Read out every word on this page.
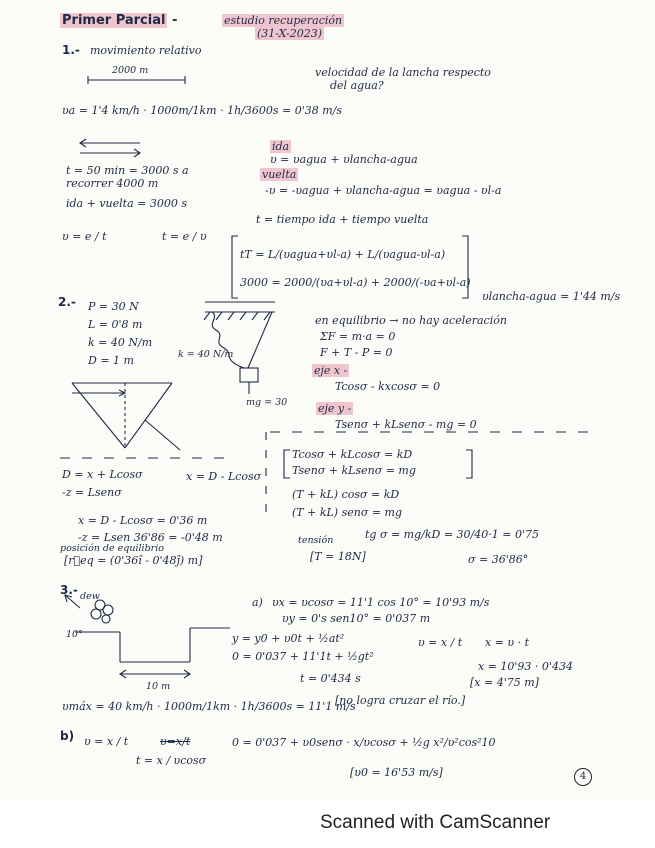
Primer Parcial -	estudio recuperación
(31-X-2023)
1.- movimiento relativo
2000 m	velocidad de la lancha respecto
del agua?
υa = 1'4 km/h · 1000m/1km · 1h/3600s = 0'38 m/s
ida
υ = υagua + υlancha-agua
t = 50 min = 3000 s a
recorrer 4000 m
vuelta
-υ = -υagua + υlancha-agua = υagua - υl-a
ida + vuelta = 3000 s
t = tiempo ida + tiempo vuelta
υ = e / t	t = e / υ
tT = L/(υagua+υl-a) + L/(υagua-υl-a)
3000 = 2000/(υa+υl-a) + 2000/(-υa+υl-a)
υlancha-agua = 1'44 m/s
2.- P = 30 N
L = 0'8 m
k = 40 N/m
D = 1 m	k = 40 N/m
mg = 30
en equilibrio → no hay aceleración
ΣF = m·a = 0
F + T - P = 0
eje x -
Tcosσ - kxcosσ = 0
eje y -
Tsenσ + kLsenσ - mg = 0
D = x + Lcosσ	x = D - Lcosσ
-z = Lsenσ
Tcosσ + kLcosσ = kD
Tsenσ + kLsenσ = mg
(T + kL) cosσ = kD
(T + kL) senσ = mg
x = D - Lcosσ = 0'36 m
-z = Lsen 36'86 = -0'48 m
posición de equilibrio
[r⃗eq = (0'36î - 0'48ĵ) m]
tensión	tg σ = mg/kD = 30/40·1 = 0'75
[T = 18N]	σ = 36'86°
3.- dew
10°
10 m
a) υx = υcosσ = 11'1 cos 10° = 10'93 m/s
υy = 0's sen10° = 0'037 m
y = y0 + υ0t + ½at²
0 = 0'037 + 11'1t + ½gt²
t = 0'434 s
υ = x / t x = υ · t
x = 10'93 · 0'434
[x = 4'75 m]
[no logra cruzar el río.]
υmáx = 40 km/h · 1000m/1km · 1h/3600s = 11'1 m/s
b) υ = x / t	υ=x/t
t = x / υcosσ
0 = 0'037 + υ0senσ · x/υcosσ + ½g x²/υ²cos²10
[υ0 = 16'53 m/s]	4
Scanned with CamScanner
